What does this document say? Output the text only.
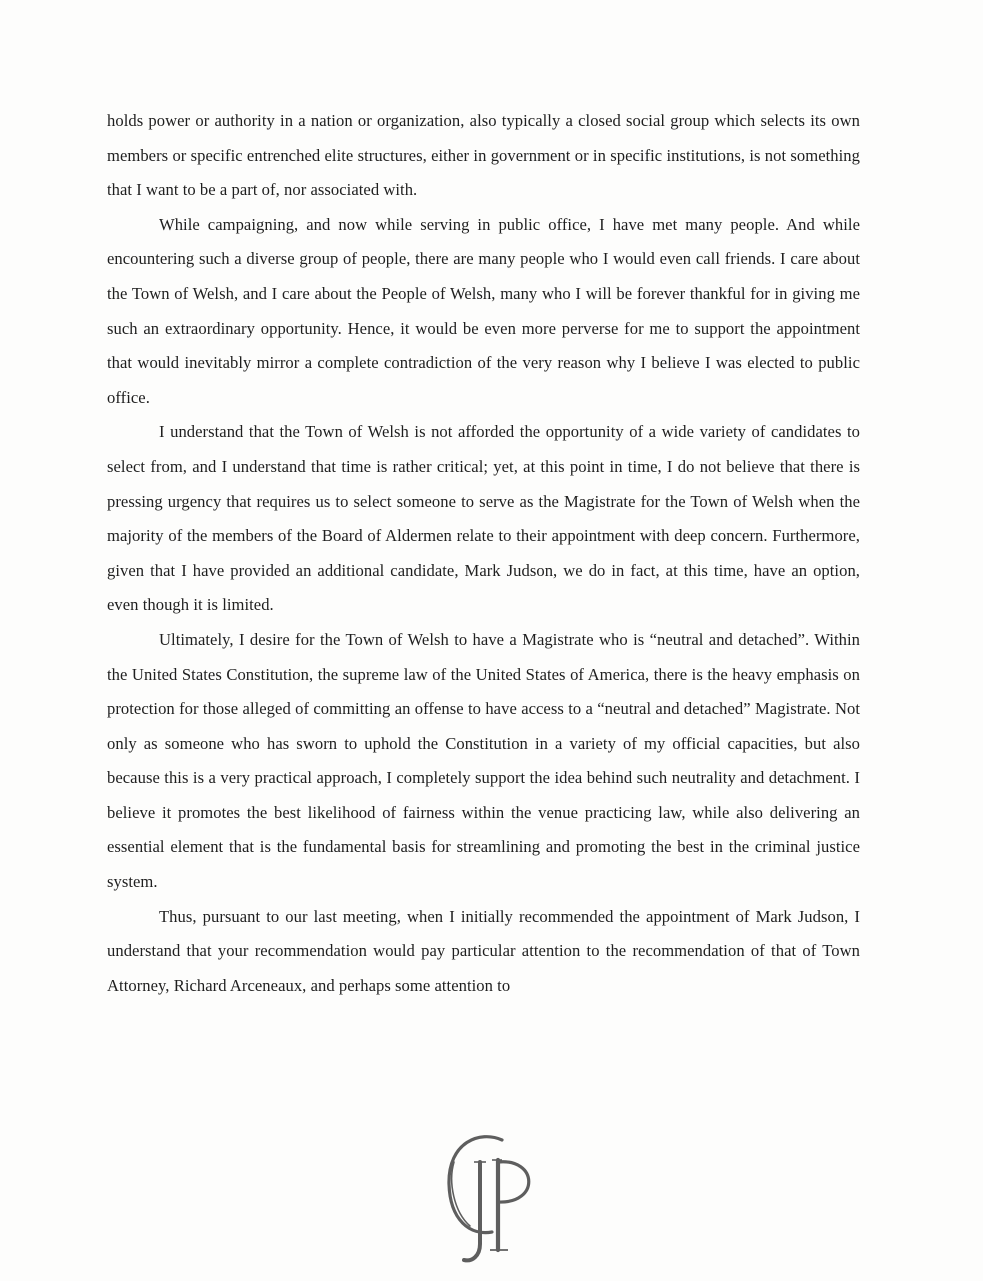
holds power or authority in a nation or organization, also typically a closed social group which selects its own members or specific entrenched elite structures, either in government or in specific institutions, is not something that I want to be a part of, nor associated with.

While campaigning, and now while serving in public office, I have met many people. And while encountering such a diverse group of people, there are many people who I would even call friends. I care about the Town of Welsh, and I care about the People of Welsh, many who I will be forever thankful for in giving me such an extraordinary opportunity. Hence, it would be even more perverse for me to support the appointment that would inevitably mirror a complete contradiction of the very reason why I believe I was elected to public office.

I understand that the Town of Welsh is not afforded the opportunity of a wide variety of candidates to select from, and I understand that time is rather critical; yet, at this point in time, I do not believe that there is pressing urgency that requires us to select someone to serve as the Magistrate for the Town of Welsh when the majority of the members of the Board of Aldermen relate to their appointment with deep concern. Furthermore, given that I have provided an additional candidate, Mark Judson, we do in fact, at this time, have an option, even though it is limited.

Ultimately, I desire for the Town of Welsh to have a Magistrate who is “neutral and detached”. Within the United States Constitution, the supreme law of the United States of America, there is the heavy emphasis on protection for those alleged of committing an offense to have access to a “neutral and detached” Magistrate. Not only as someone who has sworn to uphold the Constitution in a variety of my official capacities, but also because this is a very practical approach, I completely support the idea behind such neutrality and detachment. I believe it promotes the best likelihood of fairness within the venue practicing law, while also delivering an essential element that is the fundamental basis for streamlining and promoting the best in the criminal justice system.

Thus, pursuant to our last meeting, when I initially recommended the appointment of Mark Judson, I understand that your recommendation would pay particular attention to the recommendation of that of Town Attorney, Richard Arceneaux, and perhaps some attention to
